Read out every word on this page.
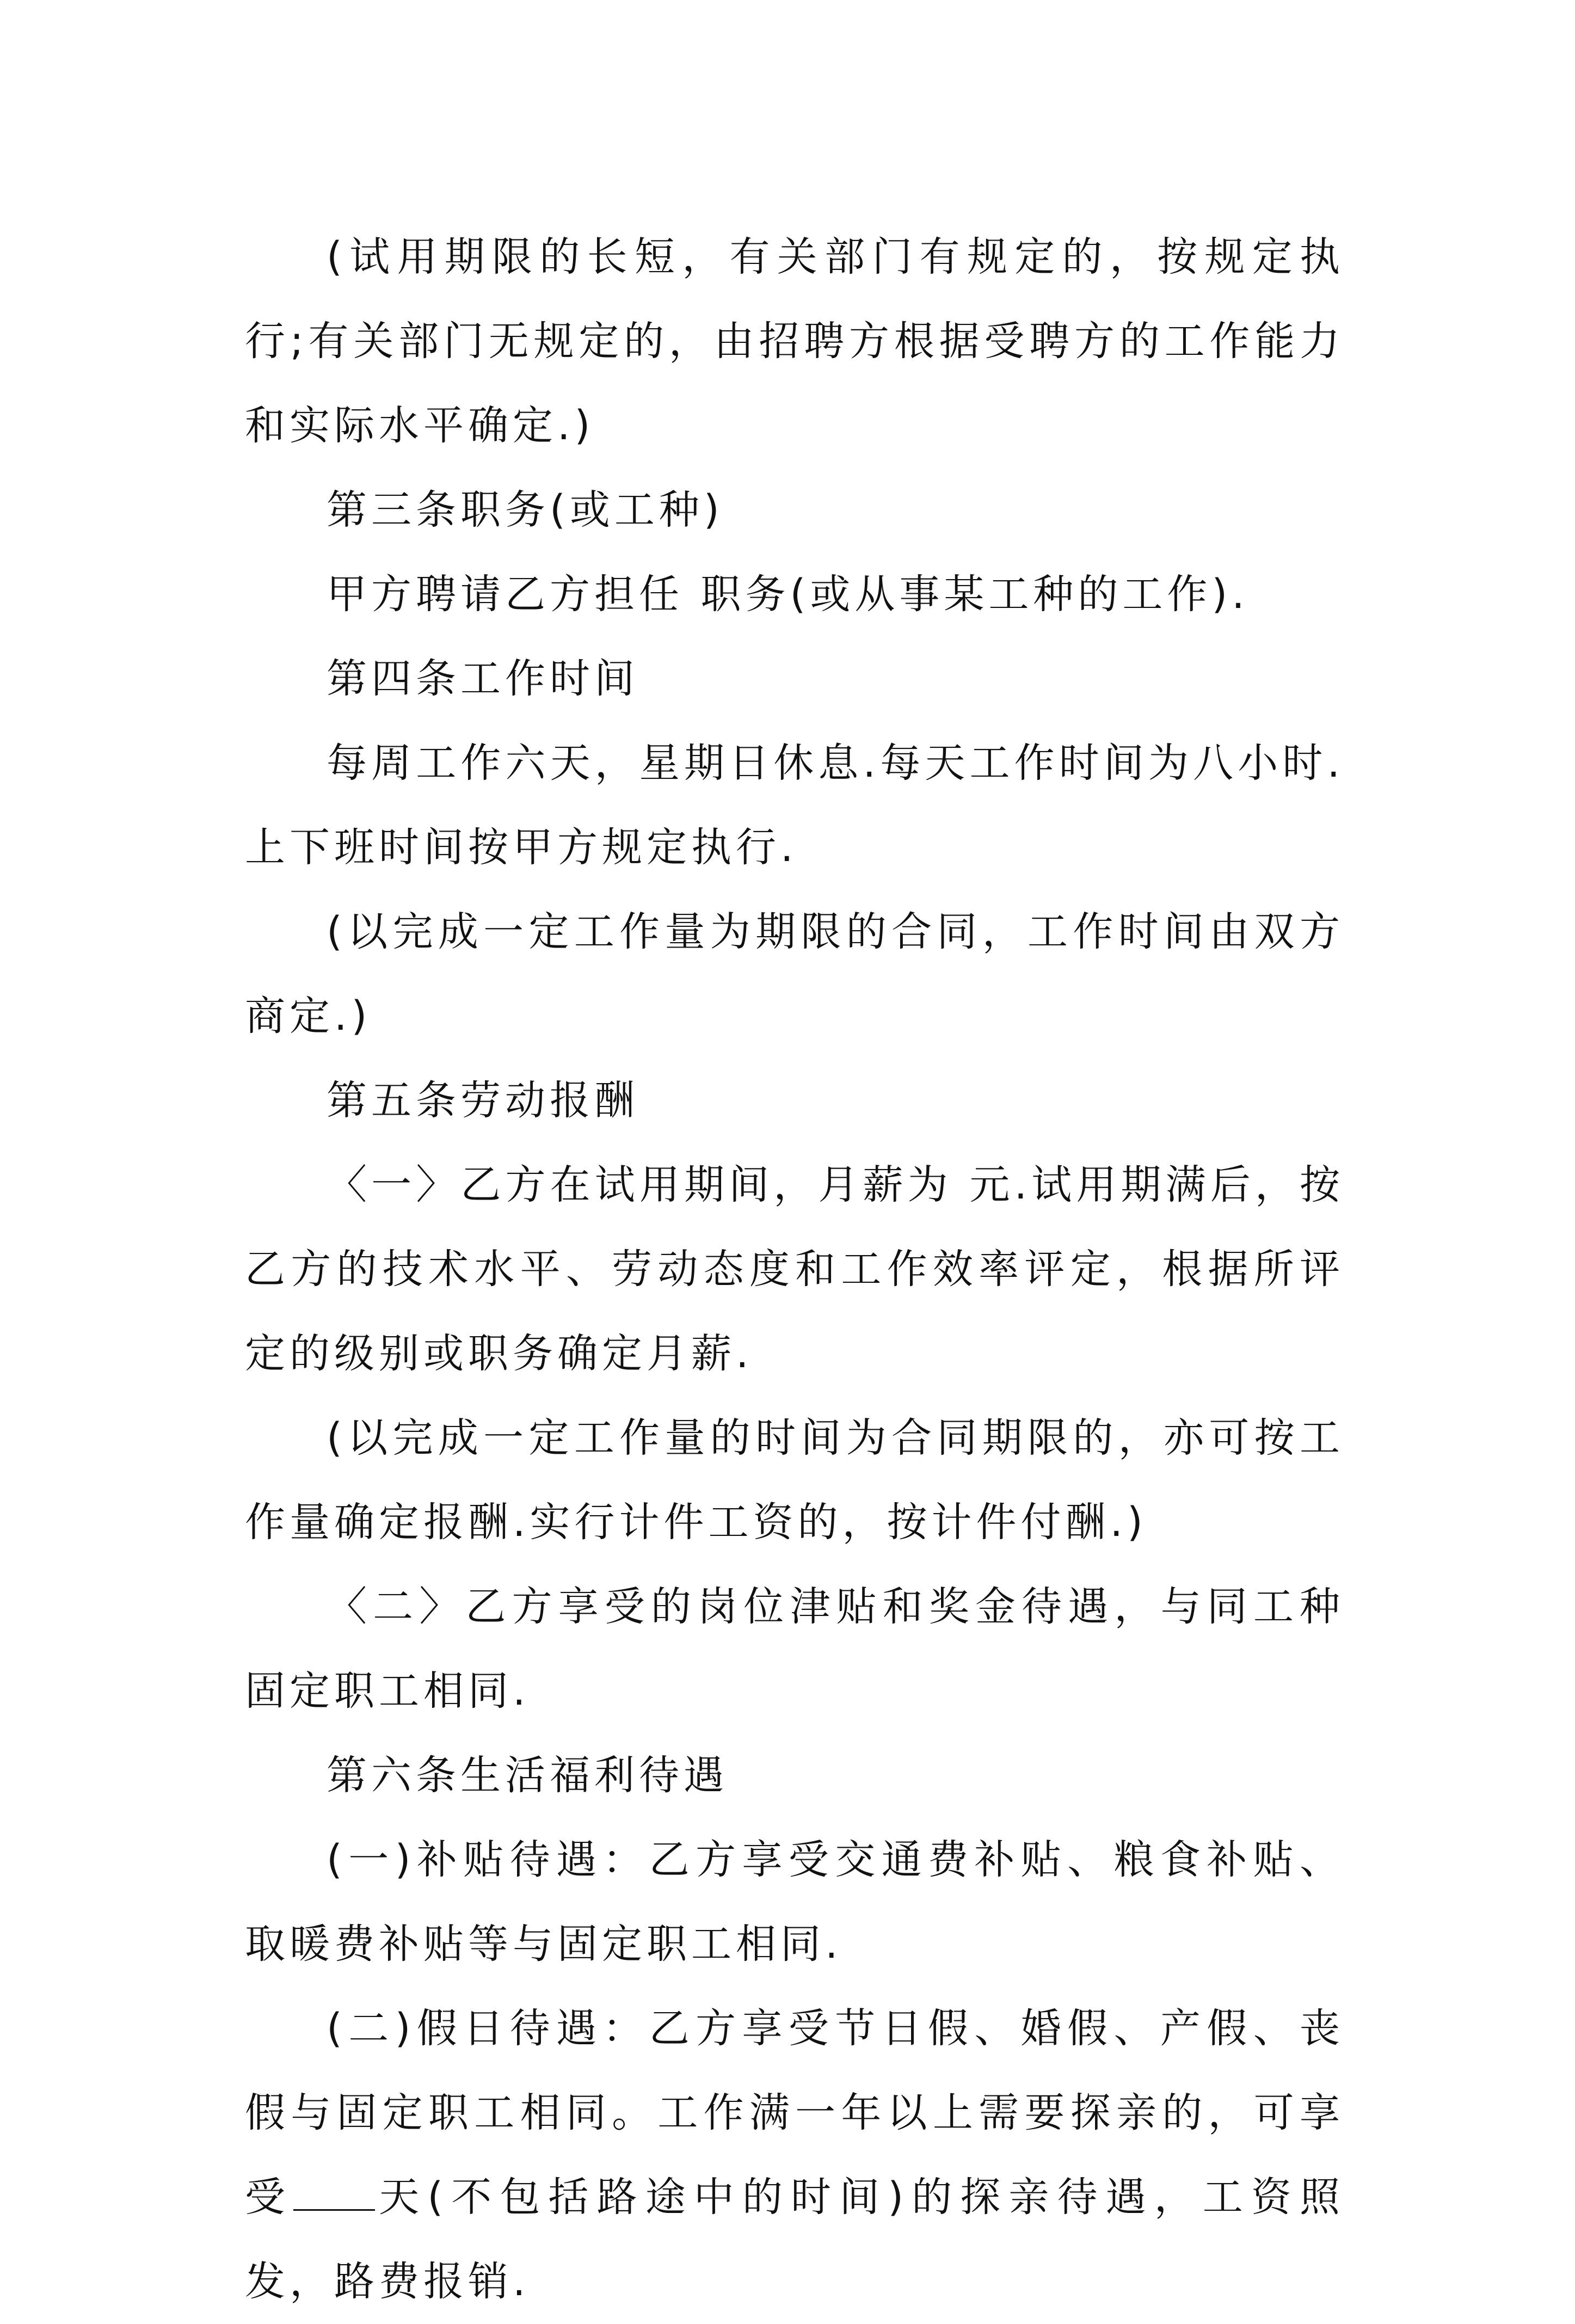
(试用期限的长短，有关部门有规定的，按规定执行;有关部门无规定的，由招聘方根据受聘方的工作能力和实际水平确定.)

第三条职务(或工种)

甲方聘请乙方担任 职务(或从事某工种的工作).

第四条工作时间

每周工作六天，星期日休息.每天工作时间为八小时.上下班时间按甲方规定执行.

(以完成一定工作量为期限的合同，工作时间由双方商定.)

第五条劳动报酬

〈一〉乙方在试用期间，月薪为 元.试用期满后，按乙方的技术水平、劳动态度和工作效率评定，根据所评定的级别或职务确定月薪.

(以完成一定工作量的时间为合同期限的，亦可按工作量确定报酬.实行计件工资的，按计件付酬.)

〈二〉乙方享受的岗位津贴和奖金待遇，与同工种固定职工相同.

第六条生活福利待遇

(一)补贴待遇：乙方享受交通费补贴、粮食补贴、取暖费补贴等与固定职工相同.

(二)假日待遇：乙方享受节日假、婚假、产假、丧假与固定职工相同。工作满一年以上需要探亲的，可享受 天(不包括路途中的时间)的探亲待遇，工资照发，路费报销.
